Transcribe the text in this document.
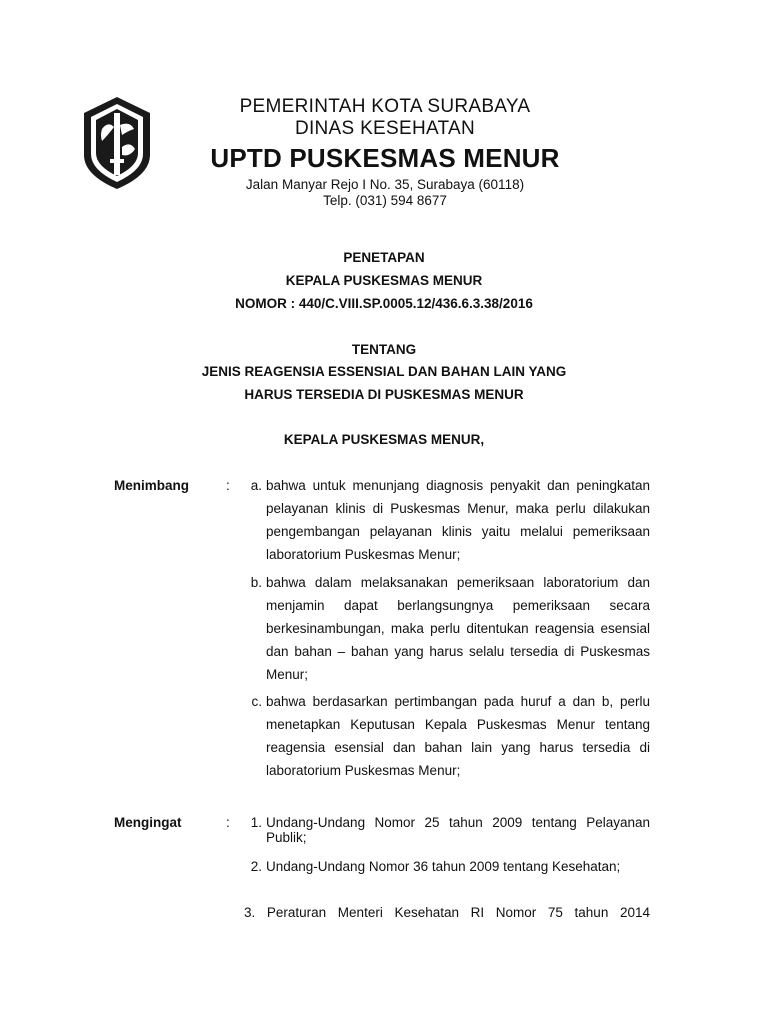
PEMERINTAH KOTA SURABAYA
DINAS KESEHATAN
UPTD PUSKESMAS MENUR
Jalan Manyar Rejo I No. 35, Surabaya (60118)
Telp. (031) 594 8677
PENETAPAN
KEPALA PUSKESMAS MENUR
NOMOR : 440/C.VIII.SP.0005.12/436.6.3.38/2016
TENTANG
JENIS REAGENSIA ESSENSIAL DAN BAHAN LAIN YANG
HARUS TERSEDIA DI PUSKESMAS MENUR
KEPALA PUSKESMAS MENUR,
Menimbang	:	a. bahwa untuk menunjang diagnosis penyakit dan peningkatan pelayanan klinis di Puskesmas Menur, maka perlu dilakukan pengembangan pelayanan klinis yaitu melalui pemeriksaan laboratorium Puskesmas Menur;
b. bahwa dalam melaksanakan pemeriksaan laboratorium dan menjamin dapat berlangsungnya pemeriksaan secara berkesinambungan, maka perlu ditentukan reagensia esensial dan bahan – bahan yang harus selalu tersedia di Puskesmas Menur;
c. bahwa berdasarkan pertimbangan pada huruf a dan b, perlu menetapkan Keputusan Kepala Puskesmas Menur tentang reagensia esensial dan bahan lain yang harus tersedia di laboratorium Puskesmas Menur;
Mengingat	:	1. Undang-Undang Nomor 25 tahun 2009 tentang Pelayanan Publik;
2. Undang-Undang Nomor 36 tahun 2009 tentang Kesehatan;
3. Peraturan Menteri Kesehatan RI Nomor 75 tahun 2014
